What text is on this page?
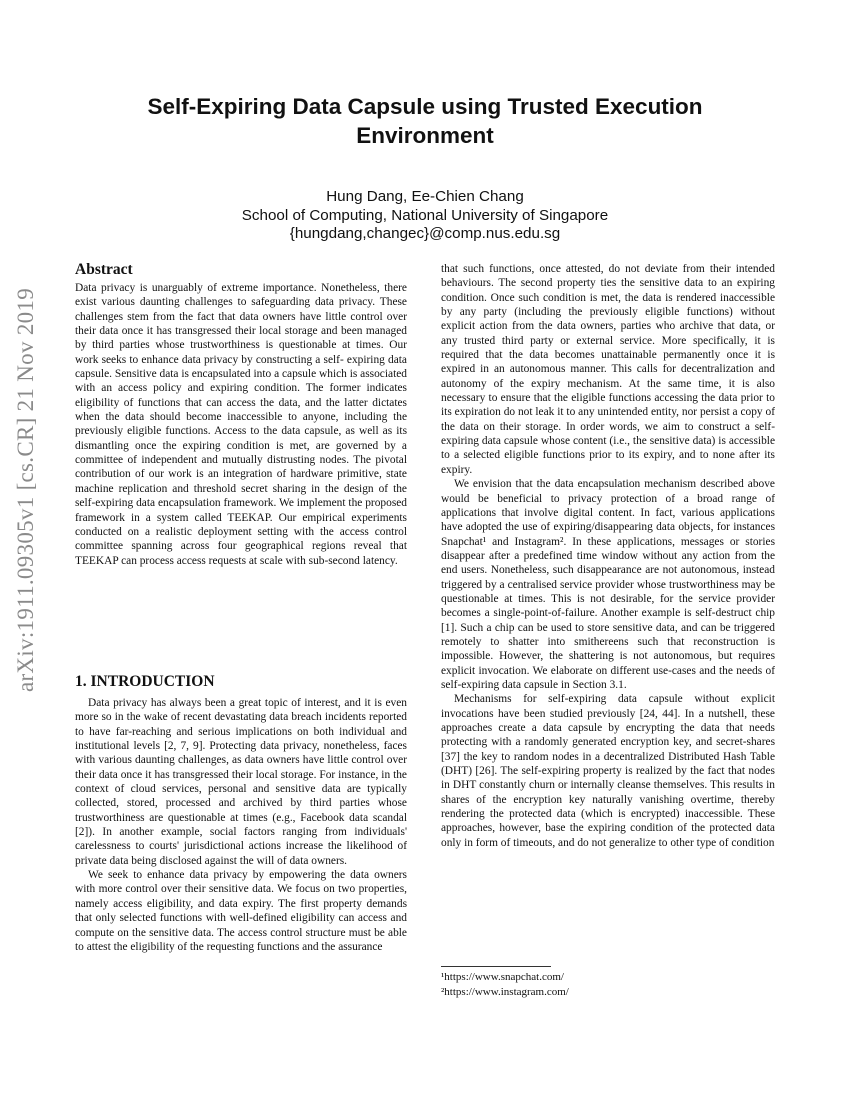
arXiv:1911.09305v1 [cs.CR] 21 Nov 2019
Self-Expiring Data Capsule using Trusted Execution Environment
Hung Dang, Ee-Chien Chang
School of Computing, National University of Singapore
{hungdang,changec}@comp.nus.edu.sg
Abstract

Data privacy is unarguably of extreme importance. Nonetheless, there exist various daunting challenges to safeguarding data privacy. These challenges stem from the fact that data owners have little control over their data once it has transgressed their local storage and been managed by third parties whose trustworthiness is questionable at times. Our work seeks to enhance data privacy by constructing a self- expiring data capsule. Sensitive data is encapsulated into a capsule which is associated with an access policy and expiring condition. The former indicates eligibility of functions that can access the data, and the latter dictates when the data should become inaccessible to anyone, including the previously eligible functions. Access to the data capsule, as well as its dismantling once the expiring condition is met, are governed by a committee of independent and mutually distrusting nodes. The pivotal contribution of our work is an integration of hardware primitive, state machine replication and threshold secret sharing in the design of the self-expiring data encapsulation framework. We implement the proposed framework in a system called TEEKAP. Our empirical experiments conducted on a realistic deployment setting with the access control committee spanning across four geographical regions reveal that TEEKAP can process access requests at scale with sub-second latency.

1. INTRODUCTION

Data privacy has always been a great topic of interest, and it is even more so in the wake of recent devastating data breach incidents reported to have far-reaching and serious implications on both individual and institutional levels [2, 7, 9]. Protecting data privacy, nonetheless, faces with various daunting challenges, as data owners have little control over their data once it has transgressed their local storage. For instance, in the context of cloud services, personal and sensitive data are typically collected, stored, processed and archived by third parties whose trustworthiness are questionable at times (e.g., Facebook data scandal [2]). In another example, social factors ranging from individuals' carelessness to courts' jurisdictional actions increase the likelihood of private data being disclosed against the will of data owners.

We seek to enhance data privacy by empowering the data owners with more control over their sensitive data. We focus on two properties, namely access eligibility, and data expiry. The first property demands that only selected functions with well-defined eligibility can access and compute on the sensitive data. The access control structure must be able to attest the eligibility of the requesting functions and the assurance

that such functions, once attested, do not deviate from their intended behaviours. The second property ties the sensitive data to an expiring condition. Once such condition is met, the data is rendered inaccessible by any party (including the previously eligible functions) without explicit action from the data owners, parties who archive that data, or any trusted third party or external service. More specifically, it is required that the data becomes unattainable permanently once it is expired in an autonomous manner. This calls for decentralization and autonomy of the expiry mechanism. At the same time, it is also necessary to ensure that the eligible functions accessing the data prior to its expiration do not leak it to any unintended entity, nor persist a copy of the data on their storage. In order words, we aim to construct a self-expiring data capsule whose content (i.e., the sensitive data) is accessible to a selected eligible functions prior to its expiry, and to none after its expiry.

We envision that the data encapsulation mechanism described above would be beneficial to privacy protection of a broad range of applications that involve digital content. In fact, various applications have adopted the use of expiring/disappearing data objects, for instances Snapchat¹ and Instagram². In these applications, messages or stories disappear after a predefined time window without any action from the end users. Nonetheless, such disappearance are not autonomous, instead triggered by a centralised service provider whose trustworthiness may be questionable at times. This is not desirable, for the service provider becomes a single-point-of-failure. Another example is self-destruct chip [1]. Such a chip can be used to store sensitive data, and can be triggered remotely to shatter into smithereens such that reconstruction is impossible. However, the shattering is not autonomous, but requires explicit invocation. We elaborate on different use-cases and the needs of self-expiring data capsule in Section 3.1.

Mechanisms for self-expiring data capsule without explicit invocations have been studied previously [24, 44]. In a nutshell, these approaches create a data capsule by encrypting the data that needs protecting with a randomly generated encryption key, and secret-shares [37] the key to random nodes in a decentralized Distributed Hash Table (DHT) [26]. The self-expiring property is realized by the fact that nodes in DHT constantly churn or internally cleanse themselves. This results in shares of the encryption key naturally vanishing overtime, thereby rendering the protected data (which is encrypted) inaccessible. These approaches, however, base the expiring condition of the protected data only in form of timeouts, and do not generalize to other type of condition

¹https://www.snapchat.com/
²https://www.instagram.com/
